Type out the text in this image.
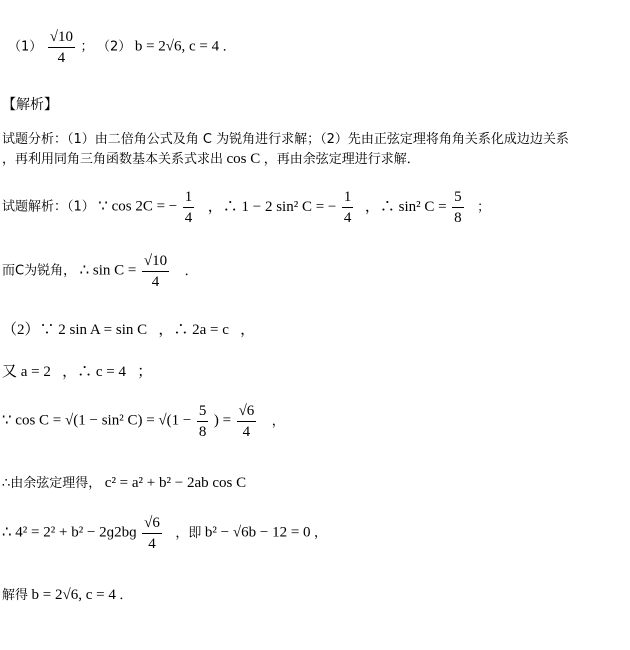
$(1) \frac{√10}{4}$ ； （2） b = 2√6, c = 4 ．
【解析】
试题分析：（1）由二倍角公式及角 C 为锐角进行求解；（2）先由正弦定理将角角关系化成边边关系
，再利用同角三角函数基本关系式求出 cos C ，再由余弦定理进行求解．
试题解析：（1） ∵ cos 2C = − $\frac{1}{4}$ ，∴ 1 − 2 sin² C = − $\frac{1}{4}$ ，∴ sin² $C = \frac{5}{8}$ ；
而C为锐角， ∴ $\sin C = \frac{√10}{4}$ ．
（2）∵ 2 sin A = sin C   ，∴ 2a = c   ，
又 a = 2   ，∴ c = 4   ；
∵ cos C = √(1 − sin² $C) = √(1 - \frac{5}{8}$ ) = $\frac{√6}{4}$ ，
∴由余弦定理得， c² = a² + b² − 2ab cos C
∴ 4² = 2² + b² − 2ɡ2bɡ $\frac{√6}{4}$ ，即 b² − √6b − 12 = 0 ，
解得 b = 2√6, c = 4 ．
